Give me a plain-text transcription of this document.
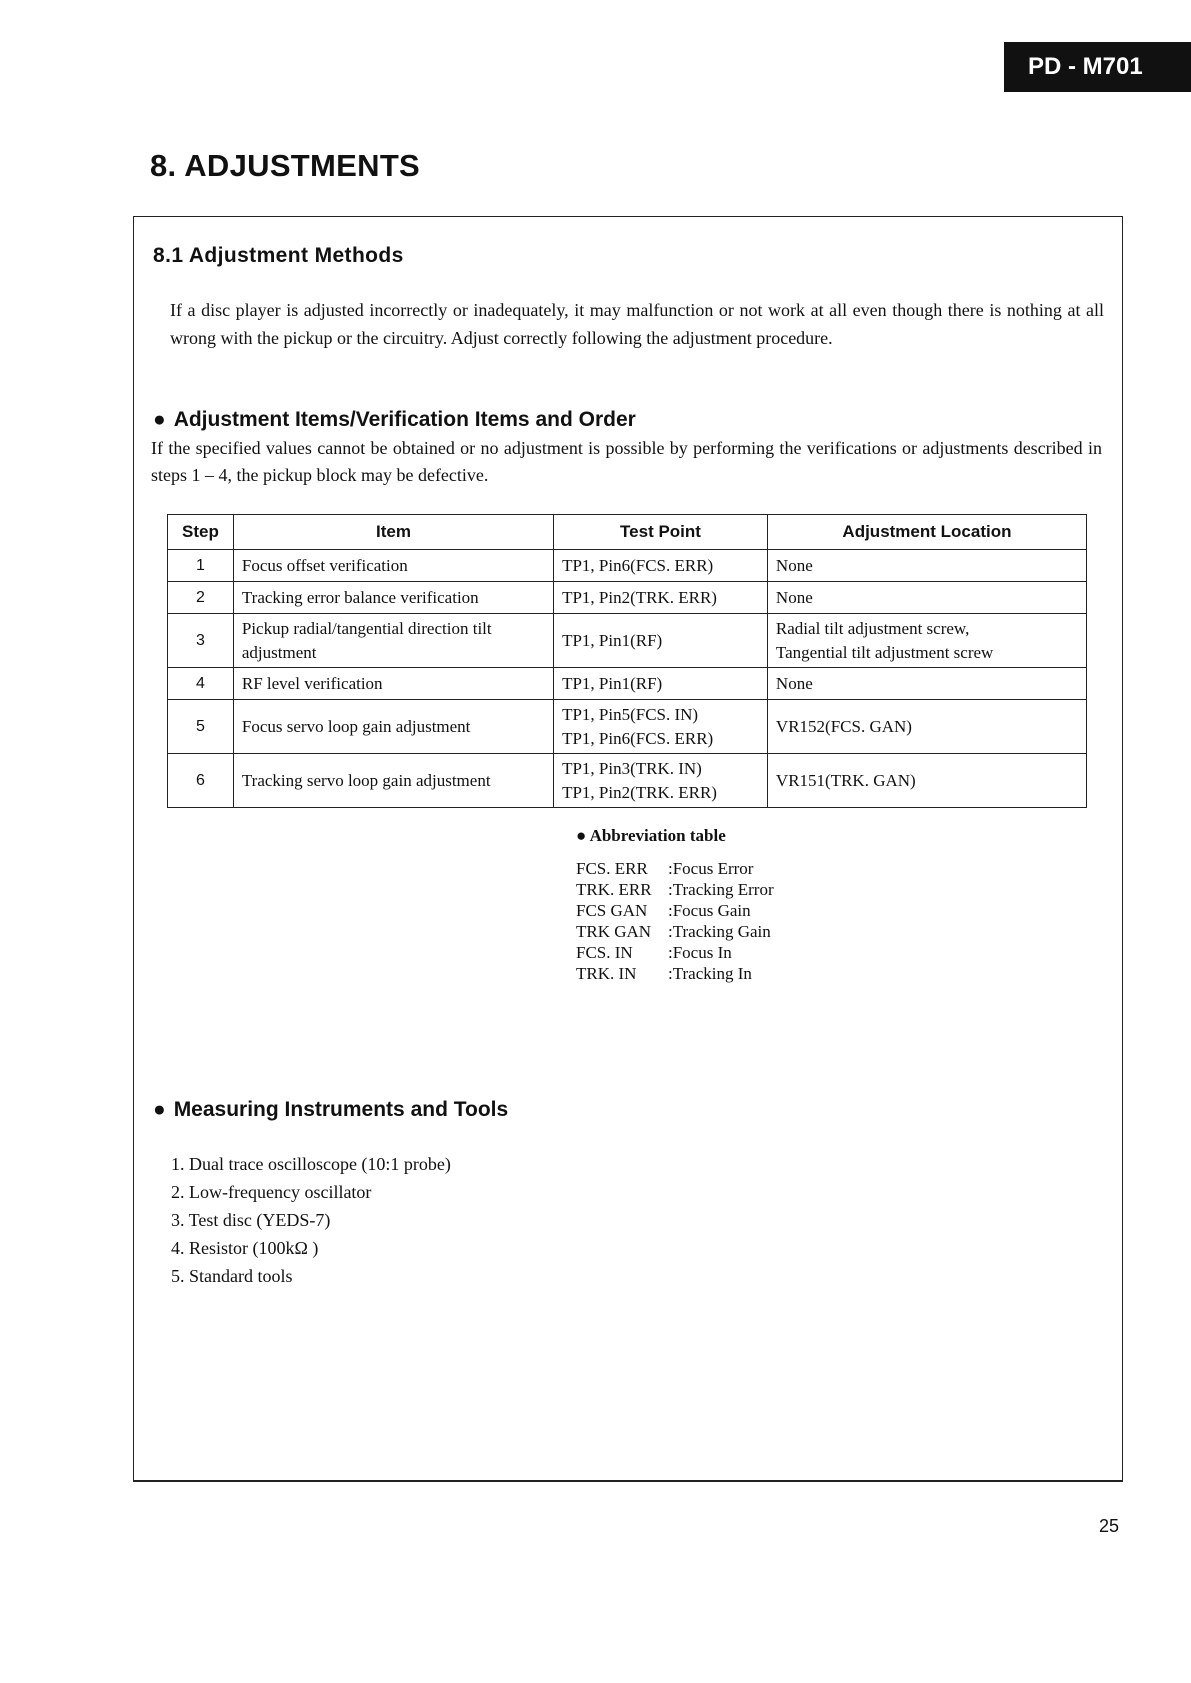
PD - M701
8. ADJUSTMENTS
8.1 Adjustment Methods

If a disc player is adjusted incorrectly or inadequately, it may malfunction or not work at all even though there is nothing at all wrong with the pickup or the circuitry. Adjust correctly following the adjustment procedure.

● Adjustment Items/Verification Items and Order

If the specified values cannot be obtained or no adjustment is possible by performing the verifications or adjustments described in steps 1 – 4, the pickup block may be defective.

Step	Item	Test Point	Adjustment Location
1	Focus offset verification	TP1, Pin6(FCS. ERR)	None

2	Tracking error balance verification	TP1, Pin2(TRK. ERR)	None

3	Pickup radial/tangential direction tilt adjustment	TP1, Pin1(RF)	Radial tilt adjustment screw,
Tangential tilt adjustment screw

4	RF level verification	TP1, Pin1(RF)	None

5	Focus servo loop gain adjustment	TP1, Pin5(FCS. IN)
TP1, Pin6(FCS. ERR)	VR152(FCS. GAN)

6	Tracking servo loop gain adjustment	TP1, Pin3(TRK. IN)
TP1, Pin2(TRK. ERR)	VR151(TRK. GAN)
● Abbreviation table
FCS. ERR	:Focus Error
TRK. ERR :Tracking Error
FCS GAN	:Focus Gain
TRK GAN :Tracking Gain
FCS. IN	:Focus In
TRK. IN	:Tracking In
● Measuring Instruments and Tools
1. Dual trace oscilloscope (10:1 probe)
2. Low-frequency oscillator
3. Test disc (YEDS-7)
4. Resistor (100kΩ )
5. Standard tools
25
